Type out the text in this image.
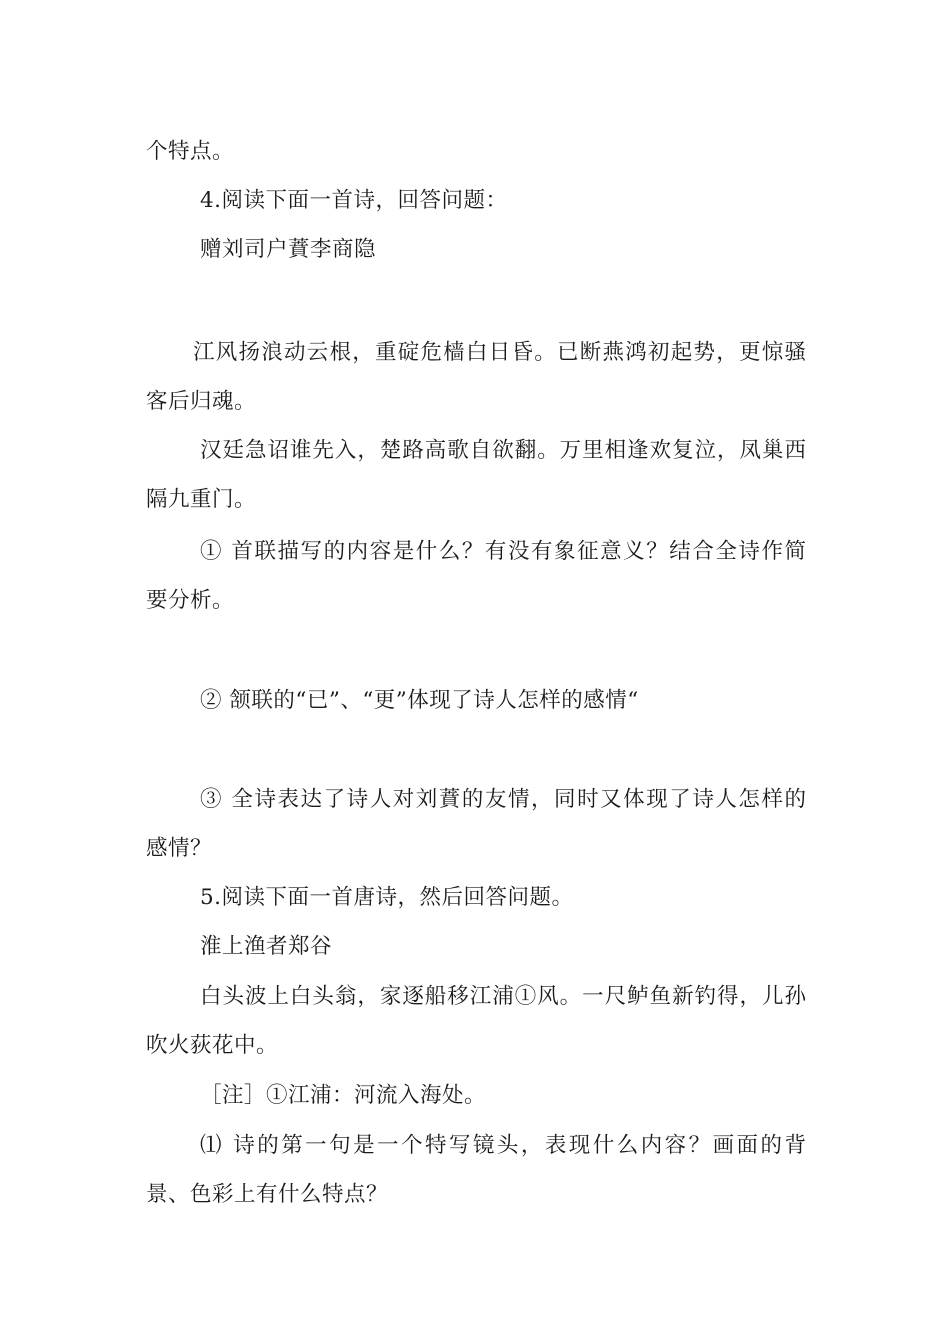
个特点。
4.阅读下面一首诗，回答问题：
赠刘司户蕡李商隐
江风扬浪动云根，重碇危樯白日昏。已断燕鸿初起势，更惊骚
客后归魂。
汉廷急诏谁先入，楚路高歌自欲翻。万里相逢欢复泣，凤巢西
隔九重门。
① 首联描写的内容是什么？有没有象征意义？结合全诗作简
要分析。
② 颔联的“已”、“更”体现了诗人怎样的感情“
③ 全诗表达了诗人对刘蕡的友情，同时又体现了诗人怎样的
感情？
5.阅读下面一首唐诗，然后回答问题。
淮上渔者郑谷
白头波上白头翁，家逐船移江浦①风。一尺鲈鱼新钓得，儿孙
吹火荻花中。
［注］①江浦：河流入海处。
⑴ 诗的第一句是一个特写镜头，表现什么内容？画面的背
景、色彩上有什么特点？
